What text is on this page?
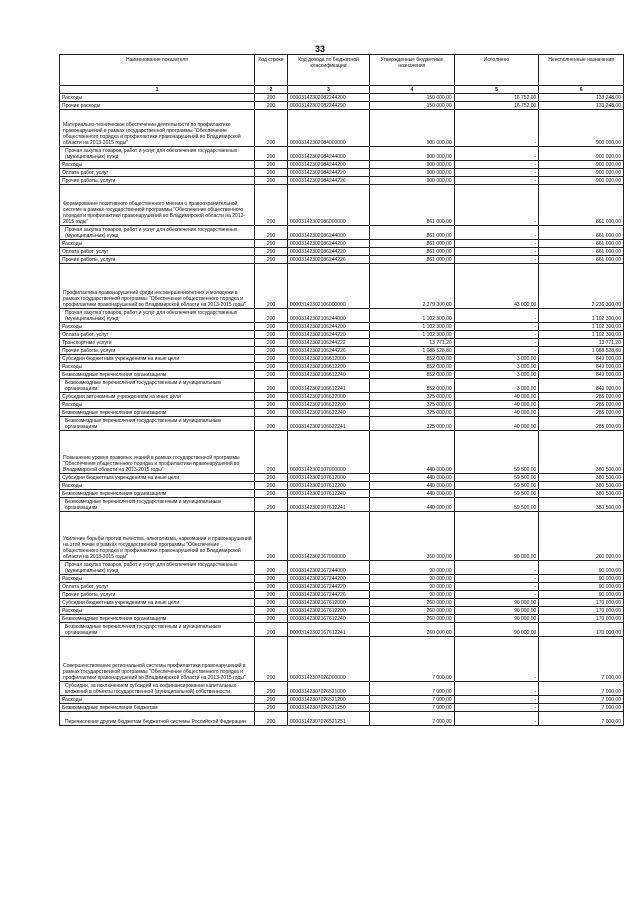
33
Наименование показателя	Код строки	Код дохода по бюджетной классификации	Утвержденные бюджетные назначения	Исполнено	Неисполненные назначения
1	2	3	4	5	6
Расходы	200	00003142302082244200	150 000,00	16 752,00	133 248,00
Прочие расходы	200	00003142302082244290	150 000,00	16 752,00	133 248,00
Материально-техническое обеспечение деятельности по профилактике правонарушений в рамках государственной программы "Обеспечение общественного порядка и профилактики правонарушений во Владимирской области на 2013-2015 годы"	200	00003142302084000000	900 000,00	-	900 000,00
Прочая закупка товаров, работ и услуг для обеспечения государственных (муниципальных) нужд	200	00003142302084244000	900 000,00	-	900 000,00
Расходы	200	00003142302084244200	900 000,00	-	900 000,00
Оплата работ, услуг	200	00003142302084244220	900 000,00	-	900 000,00
Прочие работы, услуги	200	00003142302084244226	900 000,00	-	900 000,00
Формирование позитивного общественного мнения о правоохранительной системе в рамках государственной программы "Обеспечение общественного порядка и профилактики правонарушений во Владимирской области на 2013-2015 годы"	200	00003142302086000000	861 000,00	-	861 000,00
Прочая закупка товаров, работ и услуг для обеспечения государственных (муниципальных) нужд	200	00003142302086244000	861 000,00	-	861 000,00
Расходы	200	00003142302086244200	861 000,00	-	861 000,00
Оплата работ, услуг	200	00003142302086244220	861 000,00	-	861 000,00
Прочие работы, услуги	200	00003142302086244226	861 000,00	-	861 000,00
Профилактика правонарушений среди несовершеннолетних и молодежи в рамках государственной программы "Обеспечение общественного порядка и профилактики правонарушений во Владимирской области на 2013-2015 годы"	200	00003142302106000000	2 279 300,00	43 000,00	2 236 300,00
Прочая закупка товаров, работ и услуг для обеспечения государственных (муниципальных) нужд	200	00003142302106244000	1 102 300,00	-	1 102 300,00
Расходы	200	00003142302106244200	1 102 300,00	-	1 102 300,00
Оплата работ, услуг	200	00003142302106244220	1 102 300,00	-	1 102 300,00
Транспортные услуги	200	00003142302106244222	13 771,20	-	13 771,20
Прочие работы, услуги	200	00003142302106244226	1 088 528,80	-	1 088 528,80
Субсидии бюджетным учреждениям на иные цели	200	00003142302106612000	852 000,00	3 000,00	849 000,00
Расходы	200	00003142302106612200	852 000,00	3 000,00	849 000,00
Безвозмездные перечисления организациям	200	00003142302106612240	852 000,00	3 000,00	849 000,00
Безвозмездные перечисления государственным и муниципальным организациям	200	00003142302106612241	852 000,00	3 000,00	849 000,00
Субсидии автономным учреждениям на иные цели	200	00003142302106622000	325 000,00	40 000,00	285 000,00
Расходы	200	00003142302106622200	325 000,00	40 000,00	285 000,00
Безвозмездные перечисления организациям	200	00003142302106622240	325 000,00	40 000,00	285 000,00
Безвозмездные перечисления государственным и муниципальным организациям	200	00003142302106622241	325 000,00	40 000,00	285 000,00
Повышение уровня правовых знаний в рамках государственной программы "Обеспечение общественного порядка и профилактики правонарушений во Владимирской области на 2013-2015 годы"	200	00003142302107000000	440 000,00	59 500,00	380 500,00
Субсидии бюджетным учреждениям на иные цели	200	00003142302107612000	440 000,00	59 500,00	380 500,00
Расходы	200	00003142302107612200	440 000,00	59 500,00	380 500,00
Безвозмездные перечисления организациям	200	00003142302107612240	440 000,00	59 500,00	380 500,00
Безвозмездные перечисления государственным и муниципальным организациям	200	00003142302107612241	440 000,00	59 500,00	380 500,00
Усиление борьбы против пьянства, алкоголизма, наркомании и правонарушений на этой почве в рамках государственной программы "Обеспечение общественного порядка и профилактики правонарушений во Владимирской области на 2013-2015 годы"	200	00003142302167000000	350 000,00	90 000,00	260 000,00
Прочая закупка товаров, работ и услуг для обеспечения государственных (муниципальных) нужд	200	00003142302167244000	90 000,00	-	90 000,00
Расходы	200	00003142302167244200	90 000,00	-	90 000,00
Оплата работ, услуг	200	00003142302167244220	90 000,00	-	90 000,00
Прочие работы, услуги	200	00003142302167244226	90 000,00	-	90 000,00
Субсидии бюджетным учреждениям на иные цели	200	00003142302167612000	260 000,00	90 000,00	170 000,00
Расходы	200	00003142302167612200	260 000,00	90 000,00	170 000,00
Безвозмездные перечисления организациям	200	00003142302167612240	260 000,00	90 000,00	170 000,00
Безвозмездные перечисления государственным и муниципальным организациям	200	00003142302167612241	260 000,00	90 000,00	170 000,00
Совершенствование региональной системы профилактики правонарушений в рамках государственной программы "Обеспечение общественного порядка и профилактики правонарушений во Владимирской области на 2013-2015 годы"	200	00003142307026000000	7 000,00	-	7 000,00
Субсидии, за исключением субсидий на софинансирование капитальных вложений в объекты государственной (муниципальной) собственности	200	00003142307026521000	7 000,00	-	7 000,00
Расходы	200	00003142307026521200	7 000,00	-	7 000,00
Безвозмездные перечисления бюджетам	200	00003142307026521250	7 000,00	-	7 000,00
Перечисления другим бюджетам бюджетной системы Российской Федерации	200	00003142307026521251	7 000,00	-	7 000,00
